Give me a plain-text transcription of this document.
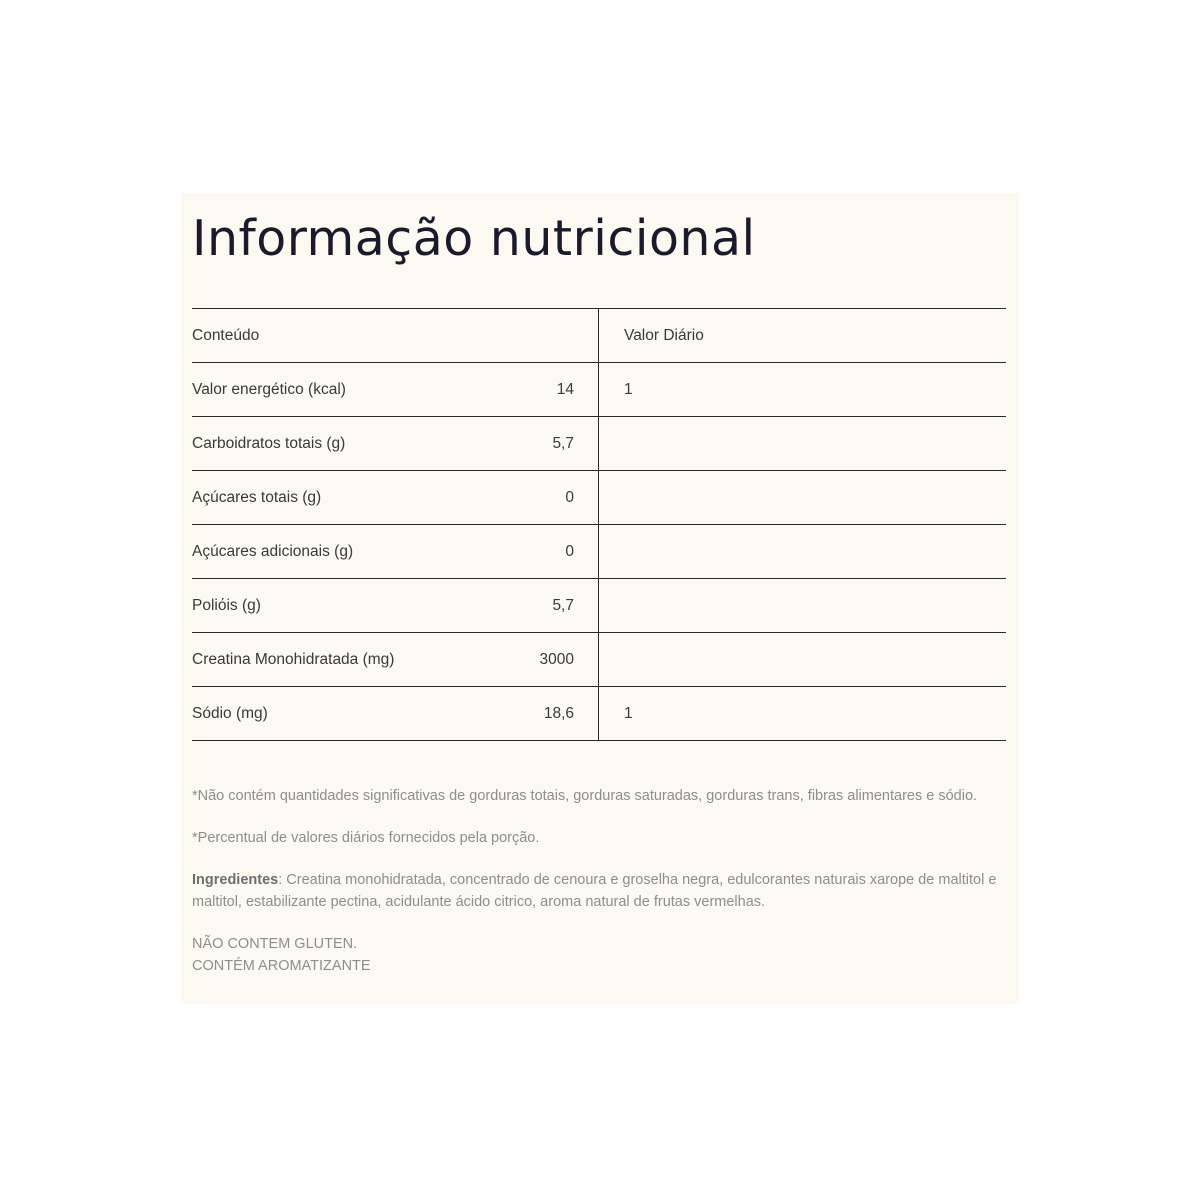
Informação nutricional
Conteúdo	Valor Diário
Valor energético (kcal)	14	1
Carboidratos totais (g)	5,7
Açúcares totais (g)	0
Açúcares adicionais (g)	0
Poliόis (g)	5,7
Creatina Monohidratada (mg)	3000
Sódio (mg)	18,6	1

*Não contém quantidades significativas de gorduras totais, gorduras saturadas, gorduras trans, fibras alimentares e sódio.

*Percentual de valores diários fornecidos pela porção.

Ingredientes: Creatina monohidratada, concentrado de cenoura e groselha negra, edulcorantes naturais xarope de maltitol e maltitol, estabilizante pectina, acidulante ácido citrico, aroma natural de frutas vermelhas.

NÃO CONTEM GLUTEN.
CONTÉM AROMATIZANTE
